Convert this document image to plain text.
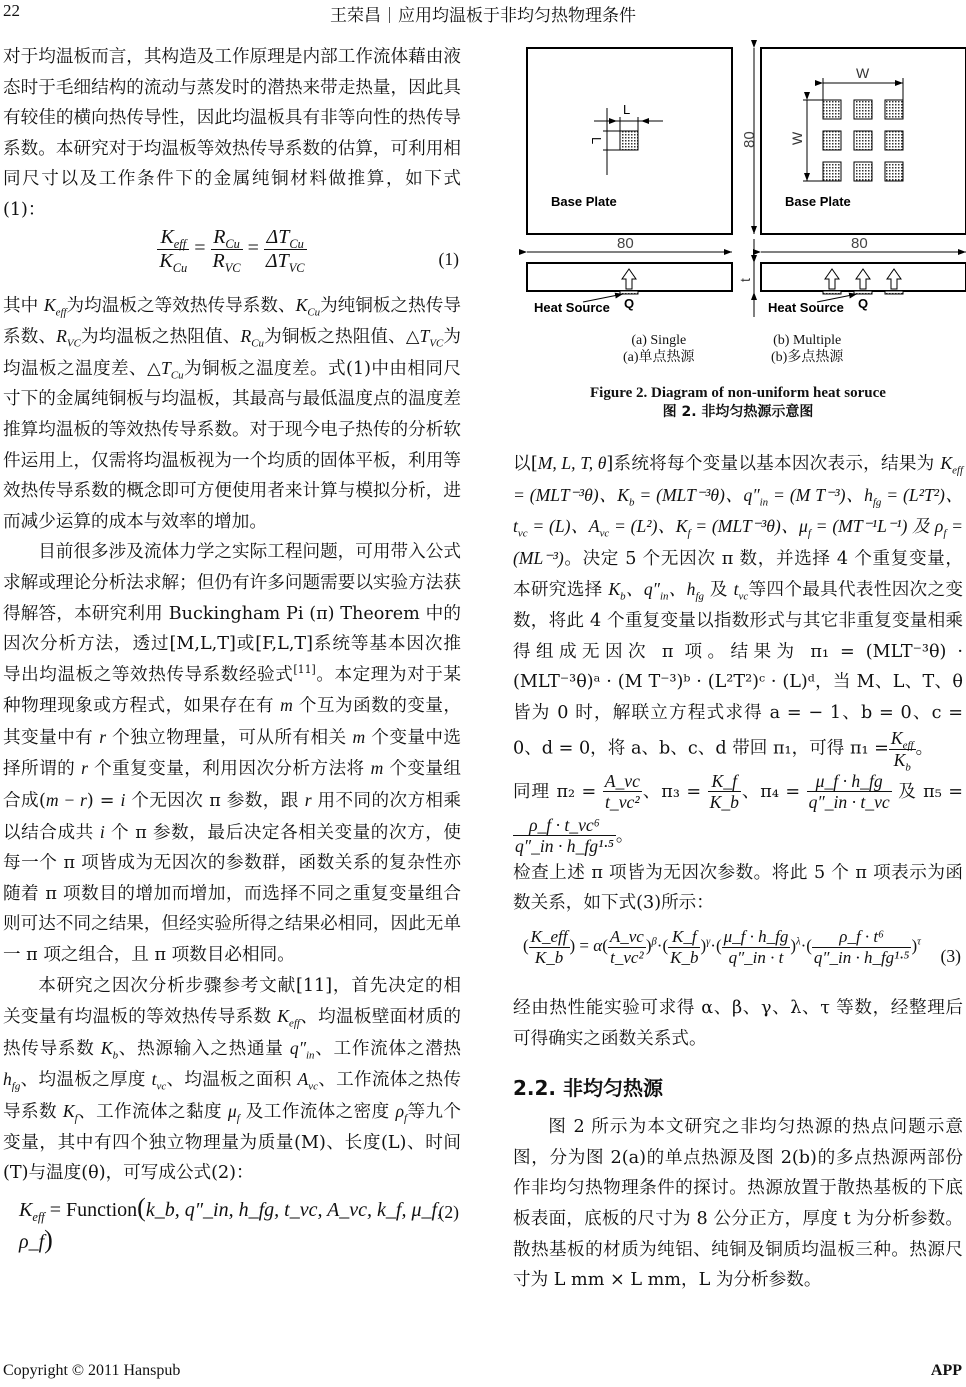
22	王荣昌 应用均温板于非均匀热物理条件

对于均温板而言，其构造及工作原理是内部工作流体藉由液态时于毛细结构的流动与蒸发时的潜热来带走热量，因此具有较佳的横向热传导性，因此均温板具有非等向性的热传导系数。本研究对于均温板等效热传导系数的估算，可利用相同尺寸以及工作条件下的金属纯铜材料做推算，如下式(1)：

$\frac{K_{eff}}{K_{Cu}} = \frac{R_{Cu}}{R_{VC}} = \frac{\Delta T_{Cu}}{\Delta T_{VC}}$	(1)

其中 $K_{eff}$为均温板之等效热传导系数、$K_{Cu}$为纯铜板之热传导系数、$R_{VC}$为均温板之热阻值、$R_{Cu}$为铜板之热阻值、$\triangle T_{VC}$为均温板之温度差、$\triangle T_{Cu}$为铜板之温度差。式(1)中由相同尺寸下的金属纯铜板与均温板，其最高与最低温度点的温度差推算均温板的等效热传导系数。对于现今电子热传的分析软件运用上，仅需将均温板视为一个均质的固体平板，利用等效热传导系数的概念即可方便使用者来计算与模拟分析，进而减少运算的成本与效率的增加。

目前很多涉及流体力学之实际工程问题，可用带入公式求解或理论分析法求解；但仍有许多问题需要以实验方法获得解答，本研究利用 Buckingham Pi (π) Theorem 中的因次分析方法，透过[M,L,T]或[F,L,T]系统等基本因次推导出均温板之等效热传导系数经验式[11]。本定理为对于某种物理现象或方程式，如果存在有 m 个互为函数的变量，其变量中有 r 个独立物理量，可从所有相关 m 个变量中选择所谓的 r 个重复变量，利用因次分析方法将 m 个变量组合成(m − r) = i 个无因次 π 参数，跟 r 用不同的次方相乘以结合成共 i 个 π 参数，最后决定各相关变量的次方，使每一个 π 项皆成为无因次的参数群，函数关系的复杂性亦随着 π 项数目的增加而增加，而选择不同之重复变量组合则可达不同之结果，但经实验所得之结果必相同，因此无单一 π 项之组合，且 π 项数目必相同。

本研究之因次分析步骤参考文献[11]，首先决定的相关变量有均温板的等效热传导系数 $K_{eff}$、均温板壁面材质的热传导系数 $K_b$、热源输入之热通量 $q''_{in}$、工作流体之潜热 $h_{fg}$、均温板之厚度 $t_{vc}$、均温板之面积 $A_{vc}$、工作流体之热传导系数 $K_f$、工作流体之黏度 $\mu_f$ 及工作流体之密度 $\rho_f$等九个变量，其中有四个独立物理量为质量(M)、长度(L)、时间(T)与温度(θ)，可写成公式(2)：

$K_{eff}$ = Function(k_b, q″_in, h_fg, t_vc, A_vc, k_f, μ_f, ρ_f)
(2)
L
L
Base Plate
80
Heat Source Q
80
W
W
Base Plate
80
t
Heat Source Q
(a) Single
(a)单点热源
(b) Multiple
(b)多点热源
Figure 2. Diagram of non-uniform heat soruce
图 2. 非均匀热源示意图

以[M, L, T, θ]系统将每个变量以基本因次表示，结果为 $K_{eff} = (MLT^{-3}\theta)$、$K_b = (MLT^{-3}\theta)$、$q''_{in} = (M$ T⁻³)、$h_{fg} = (L^2T^2)$、$t_{vc} = (L)$、$A_{vc} = (L^2)$、$K_f = (MLT^{-3}\theta)$、$\mu_f = (MT^{-1}L^{-1})$ 及 $\rho_f = (ML^{-3})$。决定 5 个无因次 π 数，并选择 4 个重复变量，本研究选择 $K_b$、$q''_{in}$、$h_{fg}$ 及 $t_{vc}$等四个最具代表性因次之变数，将此 4 个重复变量以指数形式与其它非重复变量相乘得组成无因次 π 项。结果为 π₁ = (MLT⁻³θ) · (MLT⁻³θ)ᵃ · (M T⁻³)ᵇ · (L²T²)ᶜ · (L)ᵈ，当 M、L、T、θ 皆为 0 时，解联立方程式求得 a = − 1、b = 0、c = 0、d = 0，将 a、b、c、d 带回 π₁，可得 $\pi_1 = \frac{K_{eff}}{K_b}$ 。

同理 $\pi_2 = \frac{A\_vc}{\text{t\_vc²}}$ 、$\pi_3 = \frac{K\_f}{K\_b}$ 、$\pi_4 = \frac{\mu\_f \cdot h\_fg}{q''\_in \cdot t\_vc}$ 及 π₅ =
$\frac{\text{ρ\_f · t\_vc⁶}}{\text{q″\_in · h\_fg¹·⁵}}$ 。

检查上述 π 项皆为无因次参数。将此 5 个 π 项表示为函数关系，如下式(3)所示：

( $\frac{\text{K\_eff}}{K\_b}$ ) = $\alpha( \frac{A\_vc}{\text{t\_vc²}} )^\beta\cdot( \frac{K\_f}{K\_b} )^\gamma\cdot( \frac{\mu\_f \cdot h\_fg}{q''\_in \cdot t} )^\lambda\cdot( \frac{\text{ρ\_f · t⁶}}{\text{q″\_in · h\_fg¹·⁵}} )^\tau$
(3)

经由热性能实验可求得 α、β、γ、λ、τ 等数，经整理后可得确实之函数关系式。

2.2. 非均匀热源

图 2 所示为本文研究之非均匀热源的热点问题示意图，分为图 2(a)的单点热源及图 2(b)的多点热源两部份作非均匀热物理条件的探讨。热源放置于散热基板的下底板表面，底板的尺寸为 8 公分正方，厚度 t 为分析参数。散热基板的材质为纯铝、纯铜及铜质均温板三种。热源尺寸为 L mm × L mm，L 为分析参数。

Copyright © 2011 Hanspub	APP
